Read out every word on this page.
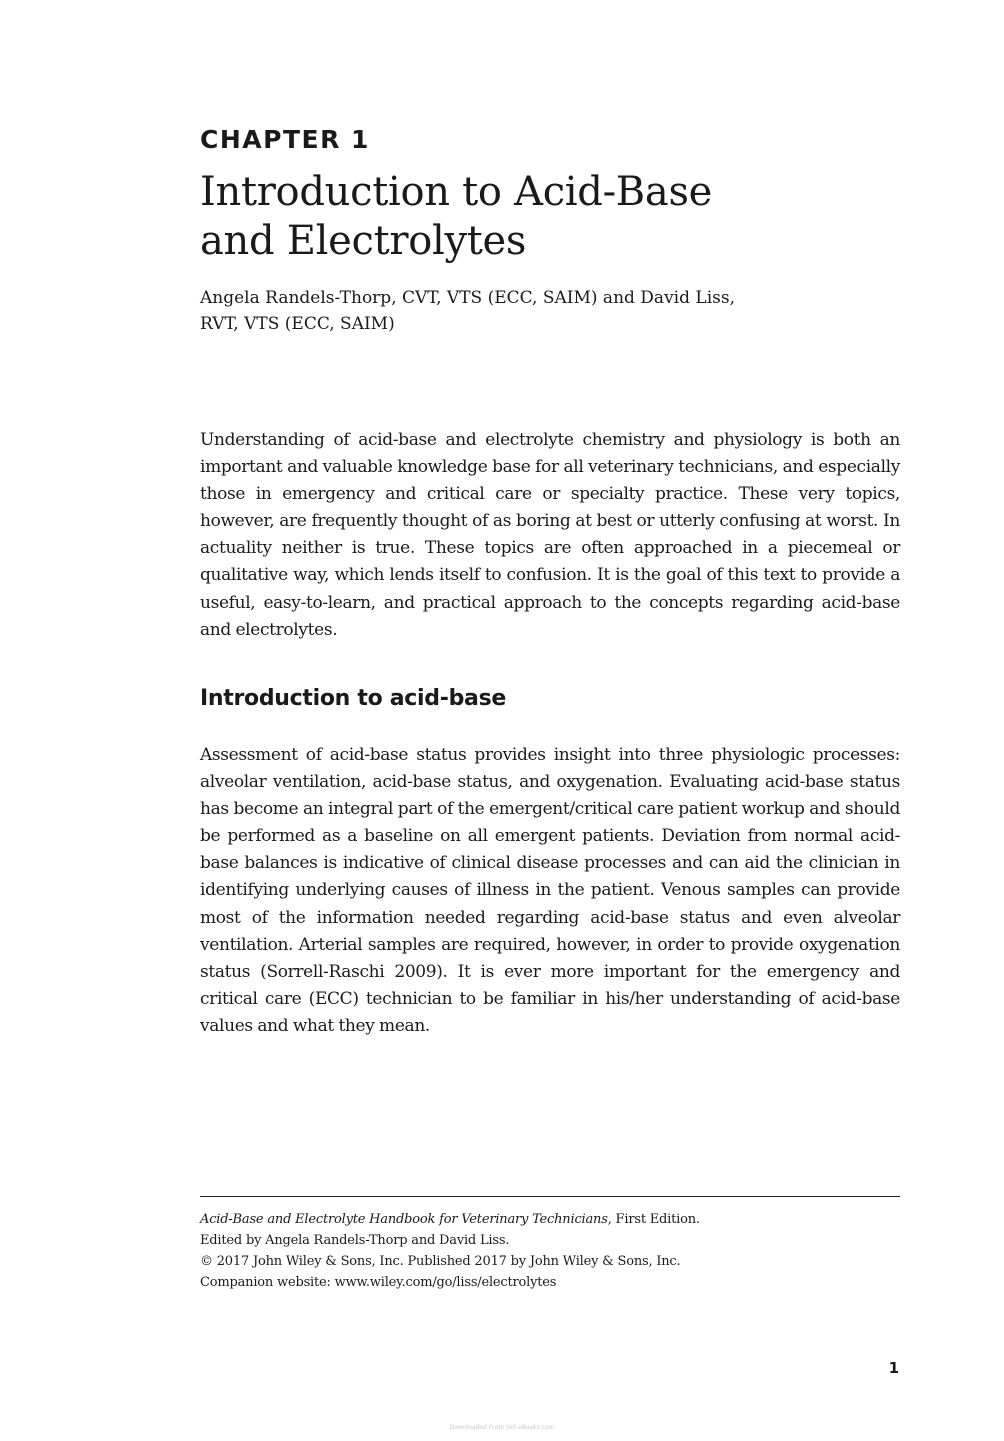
CHAPTER 1
Introduction to Acid-Base
and Electrolytes

Angela Randels-Thorp, CVT, VTS (ECC, SAIM) and David Liss,
RVT, VTS (ECC, SAIM)

Understanding of acid-base and electrolyte chemistry and physiology is both an important and valuable knowledge base for all veterinary technicians, and especially those in emergency and critical care or specialty practice. These very topics, however, are frequently thought of as boring at best or utterly confusing at worst. In actuality neither is true. These topics are often approached in a piecemeal or qualitative way, which lends itself to confusion. It is the goal of this text to provide a useful, easy-to-learn, and practical approach to the concepts regarding acid-base and electrolytes.

Introduction to acid-base

Assessment of acid-base status provides insight into three physiologic processes: alveolar ventilation, acid-base status, and oxygenation. Evaluating acid-base status has become an integral part of the emergent/critical care patient workup and should be performed as a baseline on all emergent patients. Deviation from normal acid-base balances is indicative of clinical disease processes and can aid the clinician in identifying underlying causes of illness in the patient. Venous samples can provide most of the information needed regarding acid-base status and even alveolar ventilation. Arterial samples are required, however, in order to provide oxygenation status (Sorrell-Raschi 2009). It is ever more important for the emergency and critical care (ECC) technician to be familiar in his/her understanding of acid-base values and what they mean.

Acid-Base and Electrolyte Handbook for Veterinary Technicians, First Edition.
Edited by Angela Randels-Thorp and David Liss.
© 2017 John Wiley & Sons, Inc. Published 2017 by John Wiley & Sons, Inc.
Companion website: www.wiley.com/go/liss/electrolytes

1
Downloaded From Vet-eBooks.com
